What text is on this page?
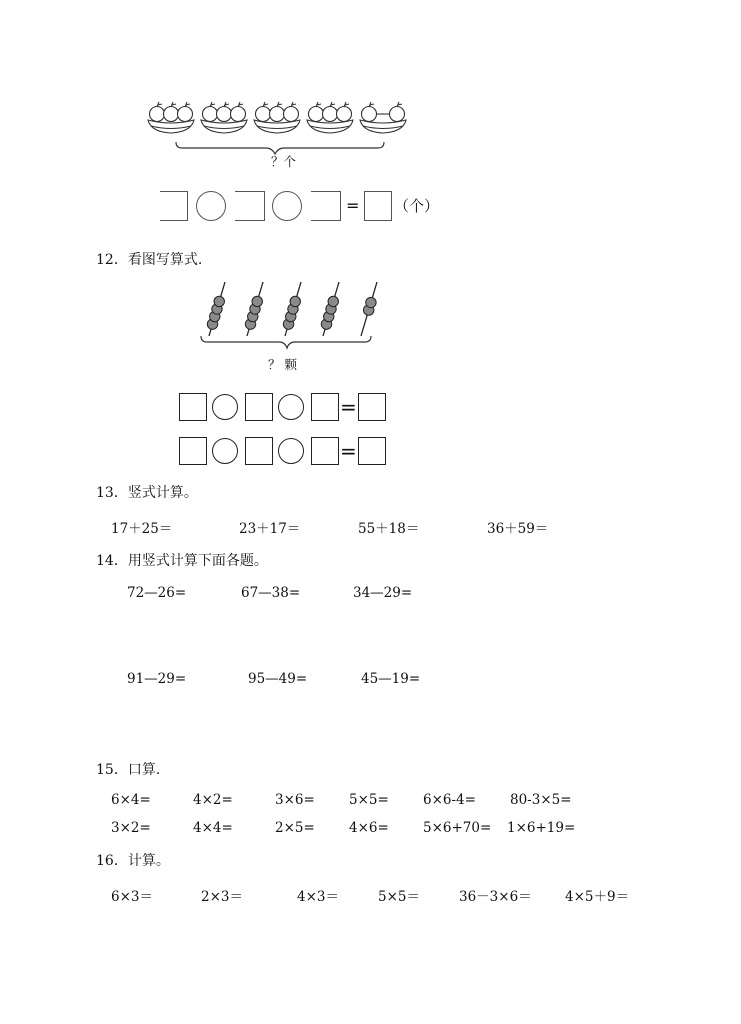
？个
= （个）
12．看图写算式.
？ 颗
=
=
13．竖式计算。
17＋25＝	23＋17＝	55＋18＝	36＋59＝
14．用竖式计算下面各题。
72—26=	67—38=	34—29=
91—29=	95—49=	45—19=
15．口算.
6×4=	4×2=	3×6=	5×5=	6×6-4=	80-3×5=
3×2=	4×4=	2×5=	4×6=	5×6+70= 1×6+19=
16．计算。
6×3＝	2×3＝	4×3＝	5×5＝	36－3×6＝ 4×5＋9＝
